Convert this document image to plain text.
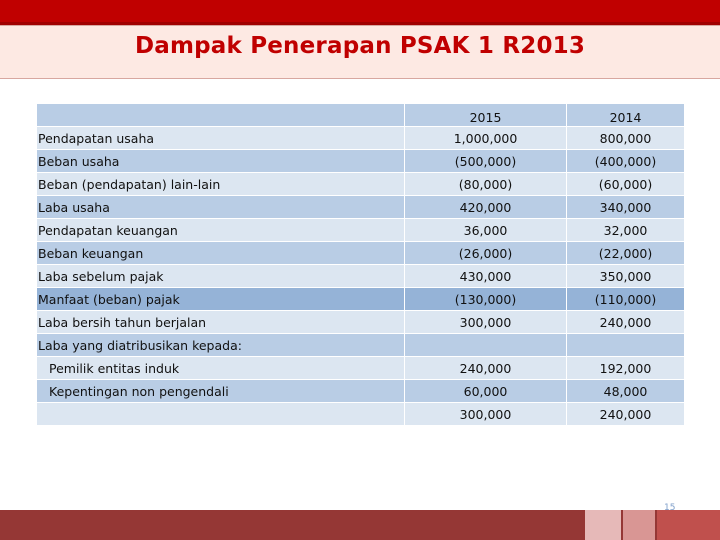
Dampak Penerapan PSAK 1 R2013
	2015	2014
Pendapatan usaha	1,000,000	800,000
Beban usaha	(500,000)	(400,000)
Beban (pendapatan) lain-lain	(80,000)	(60,000)
Laba usaha	420,000	340,000
Pendapatan keuangan	36,000	32,000
Beban keuangan	(26,000)	(22,000)
Laba sebelum pajak	430,000	350,000
Manfaat (beban) pajak	(130,000)	(110,000)
Laba bersih tahun berjalan	300,000	240,000
Laba yang diatribusikan kepada:		
Pemilik entitas induk	240,000	192,000
Kepentingan non pengendali	60,000	48,000
	300,000	240,000
15
